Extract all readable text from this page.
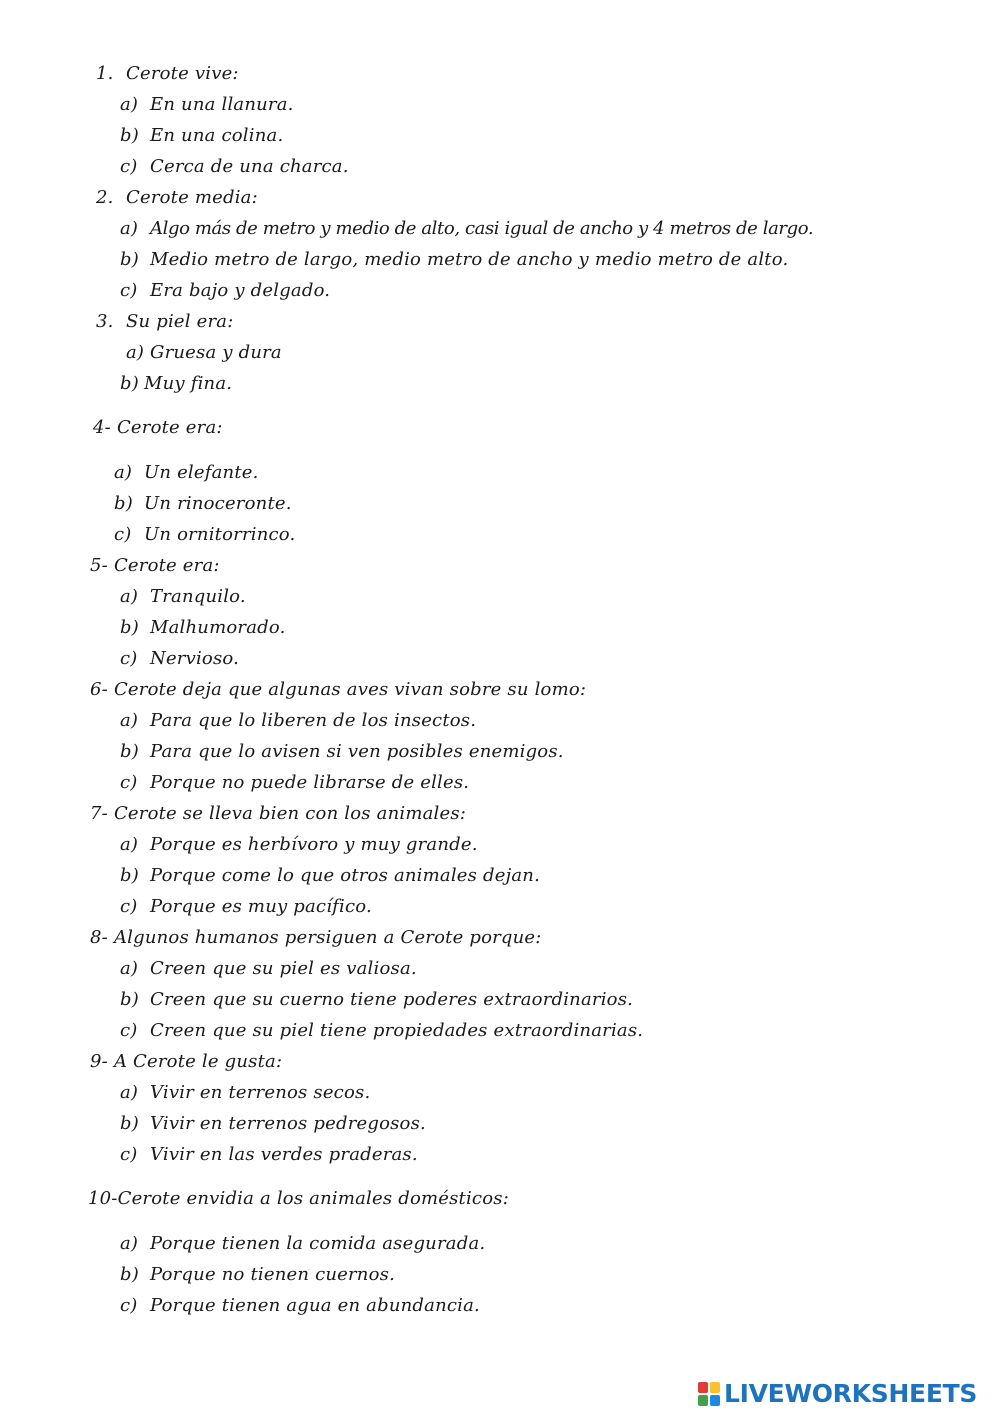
1. Cerote vive:
a) En una llanura.
b) En una colina.
c) Cerca de una charca.
2. Cerote media:
a) Algo más de metro y medio de alto, casi igual de ancho y 4 metros de largo.
b) Medio metro de largo, medio metro de ancho y medio metro de alto.
c) Era bajo y delgado.
3. Su piel era:
a) Gruesa y dura
b) Muy fina.
4- Cerote era:
a) Un elefante.
b) Un rinoceronte.
c) Un ornitorrinco.
5- Cerote era:
a) Tranquilo.
b) Malhumorado.
c) Nervioso.
6- Cerote deja que algunas aves vivan sobre su lomo:
a) Para que lo liberen de los insectos.
b) Para que lo avisen si ven posibles enemigos.
c) Porque no puede librarse de elles.
7- Cerote se lleva bien con los animales:
a) Porque es herbívoro y muy grande.
b) Porque come lo que otros animales dejan.
c) Porque es muy pacífico.
8- Algunos humanos persiguen a Cerote porque:
a) Creen que su piel es valiosa.
b) Creen que su cuerno tiene poderes extraordinarios.
c) Creen que su piel tiene propiedades extraordinarias.
9- A Cerote le gusta:
a) Vivir en terrenos secos.
b) Vivir en terrenos pedregosos.
c) Vivir en las verdes praderas.
10-Cerote envidia a los animales domésticos:
a) Porque tienen la comida asegurada.
b) Porque no tienen cuernos.
c) Porque tienen agua en abundancia.
LIVEWORKSHEETS
